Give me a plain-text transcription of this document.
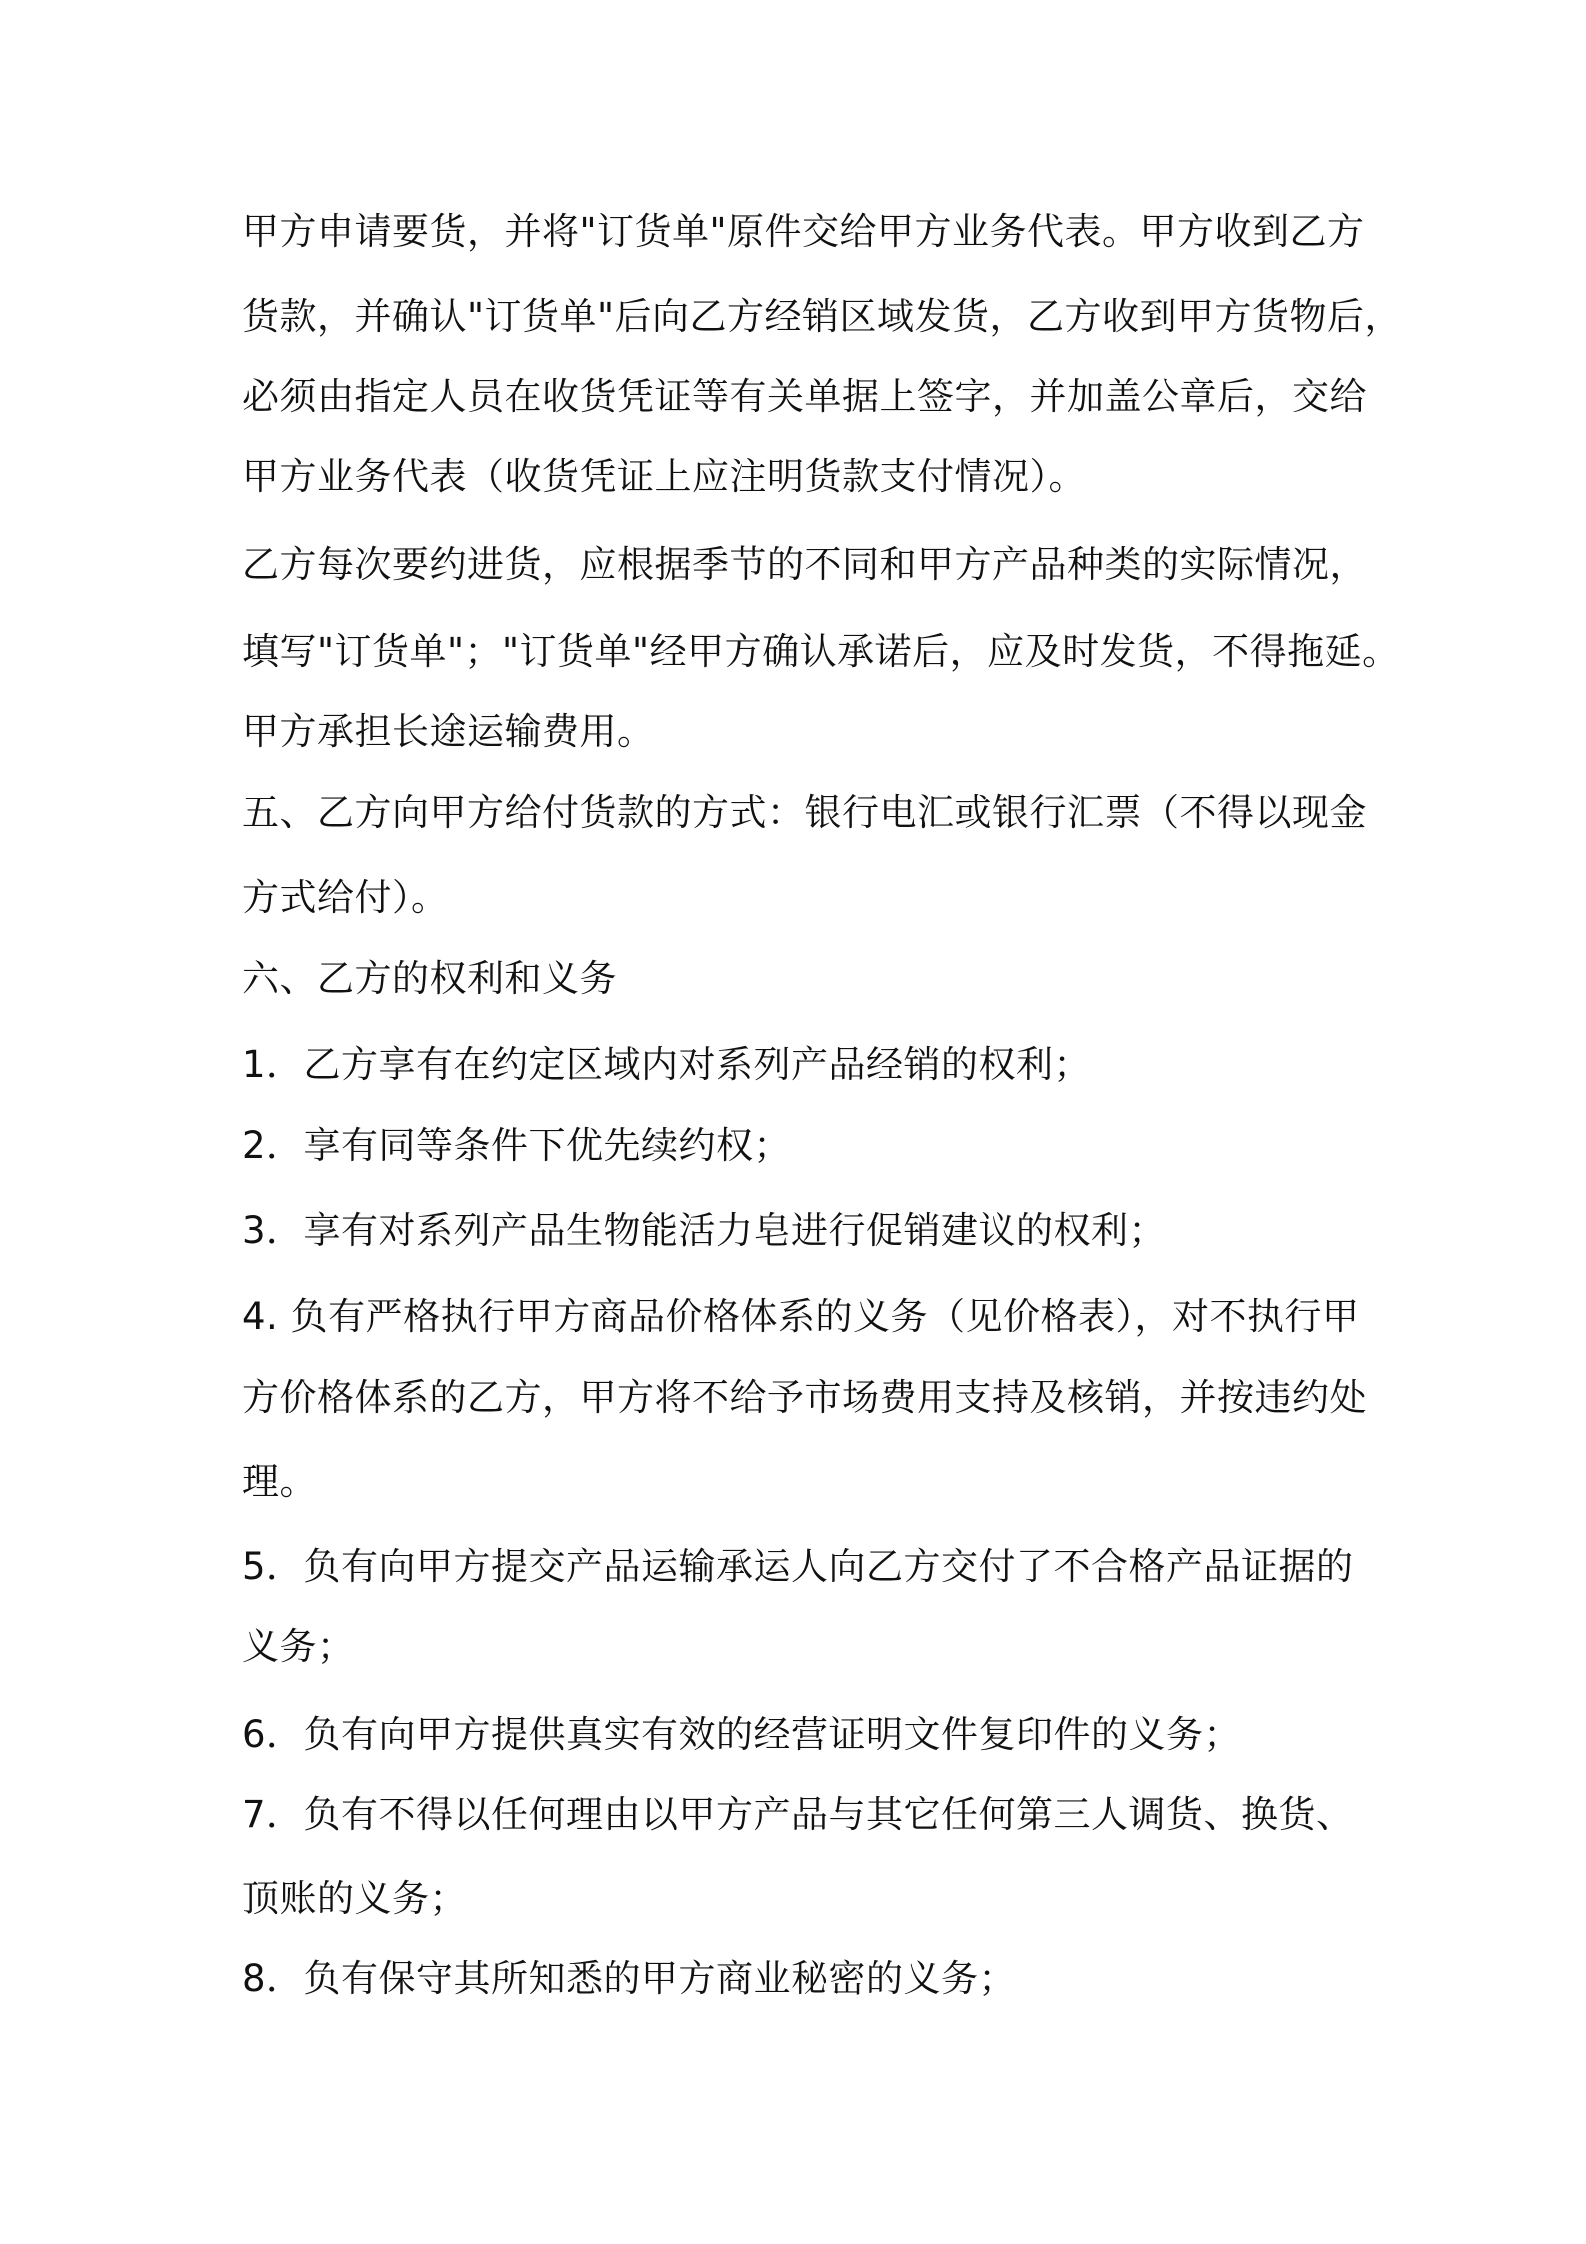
甲方申请要货，并将"订货单"原件交给甲方业务代表。甲方收到乙方
货款，并确认"订货单"后向乙方经销区域发货，乙方收到甲方货物后，
必须由指定人员在收货凭证等有关单据上签字，并加盖公章后，交给
甲方业务代表（收货凭证上应注明货款支付情况）。
乙方每次要约进货，应根据季节的不同和甲方产品种类的实际情况，
填写"订货单"；"订货单"经甲方确认承诺后，应及时发货，不得拖延。
甲方承担长途运输费用。
五、乙方向甲方给付货款的方式：银行电汇或银行汇票（不得以现金
方式给付）。
六、乙方的权利和义务
1．乙方享有在约定区域内对系列产品经销的权利；
2．享有同等条件下优先续约权；
3．享有对系列产品生物能活力皂进行促销建议的权利；
4. 负有严格执行甲方商品价格体系的义务（见价格表），对不执行甲
方价格体系的乙方，甲方将不给予市场费用支持及核销，并按违约处
理。
5．负有向甲方提交产品运输承运人向乙方交付了不合格产品证据的
义务；
6．负有向甲方提供真实有效的经营证明文件复印件的义务；
7．负有不得以任何理由以甲方产品与其它任何第三人调货、换货、
顶账的义务；
8．负有保守其所知悉的甲方商业秘密的义务；
